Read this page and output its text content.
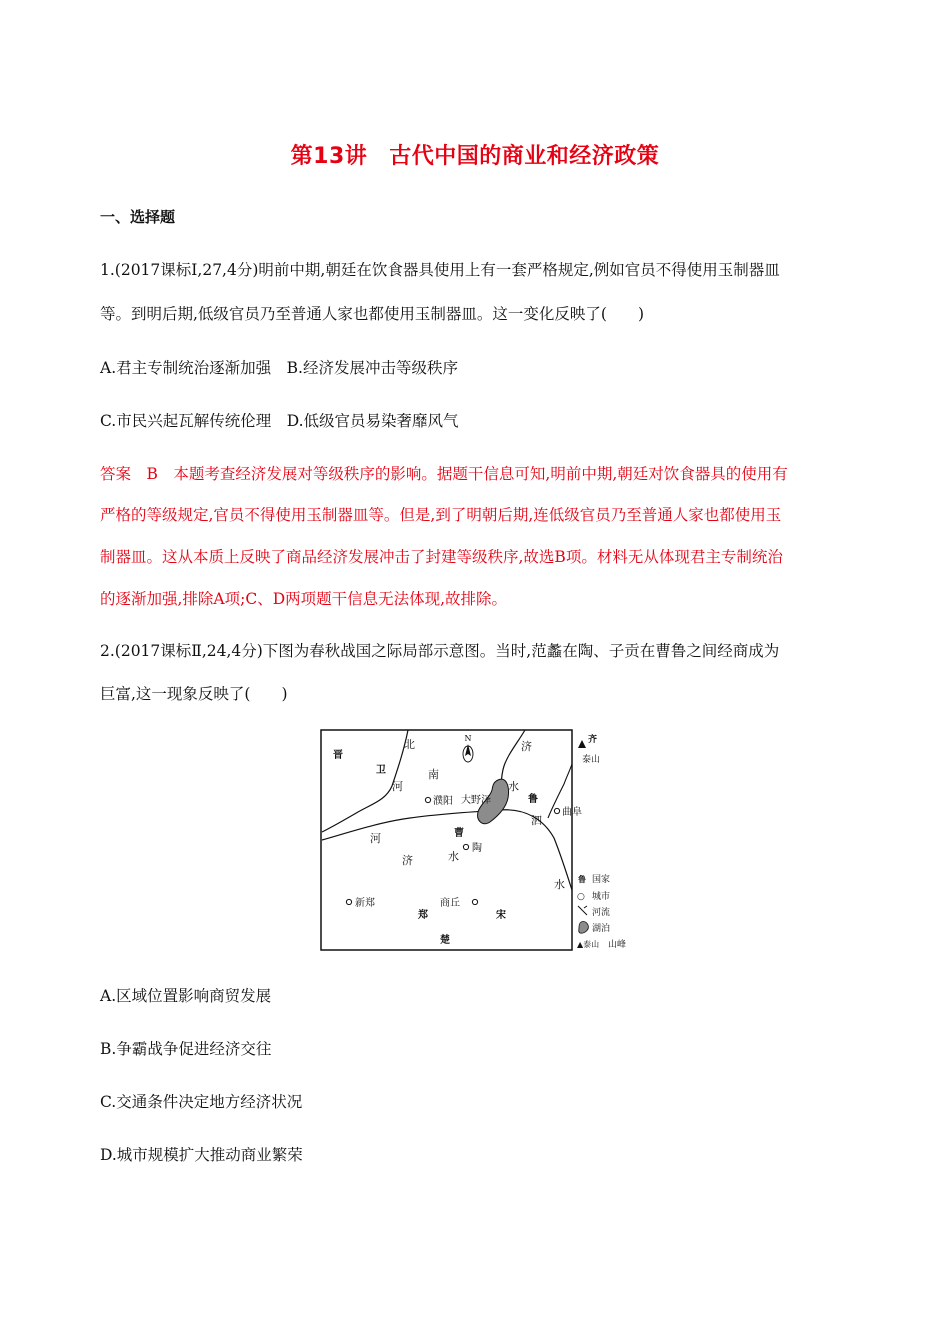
第13讲 古代中国的商业和经济政策
一、选择题
1.(2017课标Ⅰ,27,4分)明前中期,朝廷在饮食器具使用上有一套严格规定,例如官员不得使用玉制器皿
等。到明后期,低级官员乃至普通人家也都使用玉制器皿。这一变化反映了(　　)
A.君主专制统治逐渐加强　B.经济发展冲击等级秩序
C.市民兴起瓦解传统伦理　D.低级官员易染奢靡风气
答案　B　本题考查经济发展对等级秩序的影响。据题干信息可知,明前中期,朝廷对饮食器具的使用有
严格的等级规定,官员不得使用玉制器皿等。但是,到了明朝后期,连低级官员乃至普通人家也都使用玉
制器皿。这从本质上反映了商品经济发展冲击了封建等级秩序,故选B项。材料无从体现君主专制统治
的逐渐加强,排除A项;C、D两项题干信息无法体现,故排除。
2.(2017课标Ⅱ,24,4分)下图为春秋战国之际局部示意图。当时,范蠡在陶、子贡在曹鲁之间经商成为
巨富,这一现象反映了(　　)
N
晋
卫
鲁
曹
郑	宋
楚
齐
濮阳
陶
曲阜
新郑	商丘
北
河
南
河
济	水
济
水
泗
水
大野泽
泰山
鲁 国家
○ 城市
河流
湖泊
▲泰山 山峰
A.区域位置影响商贸发展
B.争霸战争促进经济交往
C.交通条件决定地方经济状况
D.城市规模扩大推动商业繁荣
